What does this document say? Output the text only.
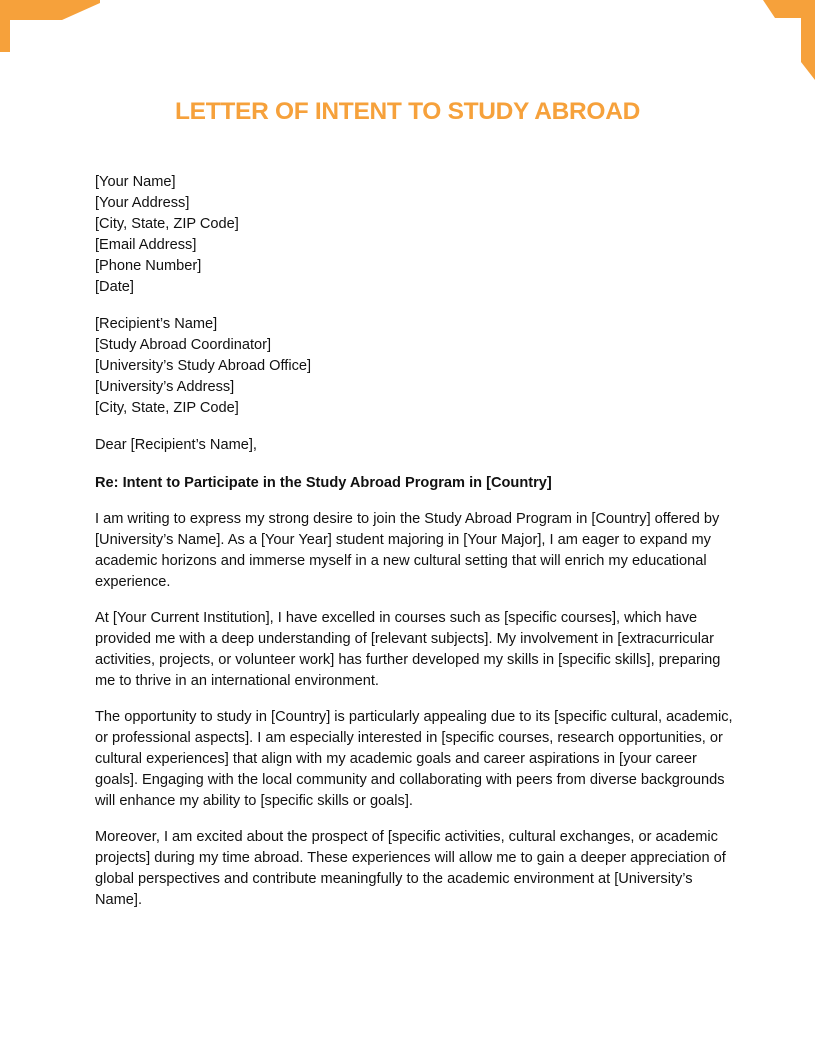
LETTER OF INTENT TO STUDY ABROAD
[Your Name]
[Your Address]
[City, State, ZIP Code]
[Email Address]
[Phone Number]
[Date]
[Recipient’s Name]
[Study Abroad Coordinator]
[University’s Study Abroad Office]
[University’s Address]
[City, State, ZIP Code]
Dear [Recipient’s Name],
Re: Intent to Participate in the Study Abroad Program in [Country]

I am writing to express my strong desire to join the Study Abroad Program in [Country] offered by [University’s Name]. As a [Your Year] student majoring in [Your Major], I am eager to expand my academic horizons and immerse myself in a new cultural setting that will enrich my educational experience.

At [Your Current Institution], I have excelled in courses such as [specific courses], which have provided me with a deep understanding of [relevant subjects]. My involvement in [extracurricular activities, projects, or volunteer work] has further developed my skills in [specific skills], preparing me to thrive in an international environment.

The opportunity to study in [Country] is particularly appealing due to its [specific cultural, academic, or professional aspects]. I am especially interested in [specific courses, research opportunities, or cultural experiences] that align with my academic goals and career aspirations in [your career goals]. Engaging with the local community and collaborating with peers from diverse backgrounds will enhance my ability to [specific skills or goals].

Moreover, I am excited about the prospect of [specific activities, cultural exchanges, or academic projects] during my time abroad. These experiences will allow me to gain a deeper appreciation of global perspectives and contribute meaningfully to the academic environment at [University’s Name].
